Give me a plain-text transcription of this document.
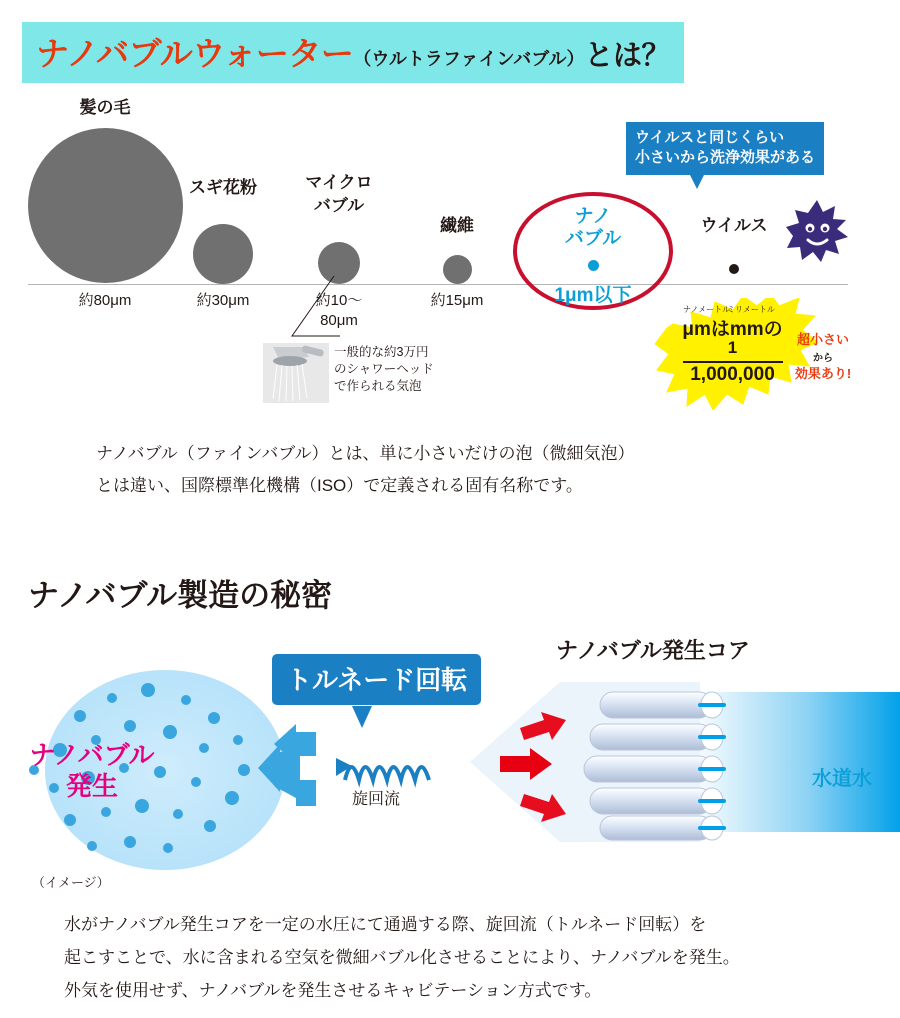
ナノバブルウォーター （ウルトラファインバブル） とは？
髪の毛
約80μm
スギ花粉
約30μm
マイクロ
バブル
約10〜
80μm
繊維
約15μm
ナノ
バブル
1μm以下
ウイルス
ウイルスと同じくらい
小さいから洗浄効果がある
一般的な約3万円
のシャワーヘッド
で作られる気泡
ナノメートル
ミリメートル
μmはmmの
1
1,000,000
超小さい
から
効果あり!
ナノバブル（ファインバブル）とは、単に小さいだけの泡（微細気泡）
とは違い、国際標準化機構（ISO）で定義される固有名称です。
ナノバブル製造の秘密
ナノバブル発生コア
トルネード回転
ナノバブル
発生	水道水
旋回流
（イメージ）
水がナノバブル発生コアを一定の水圧にて通過する際、旋回流（トルネード回転）を
起こすことで、水に含まれる空気を微細バブル化させることにより、ナノバブルを発生。
外気を使用せず、ナノバブルを発生させるキャビテーション方式です。
